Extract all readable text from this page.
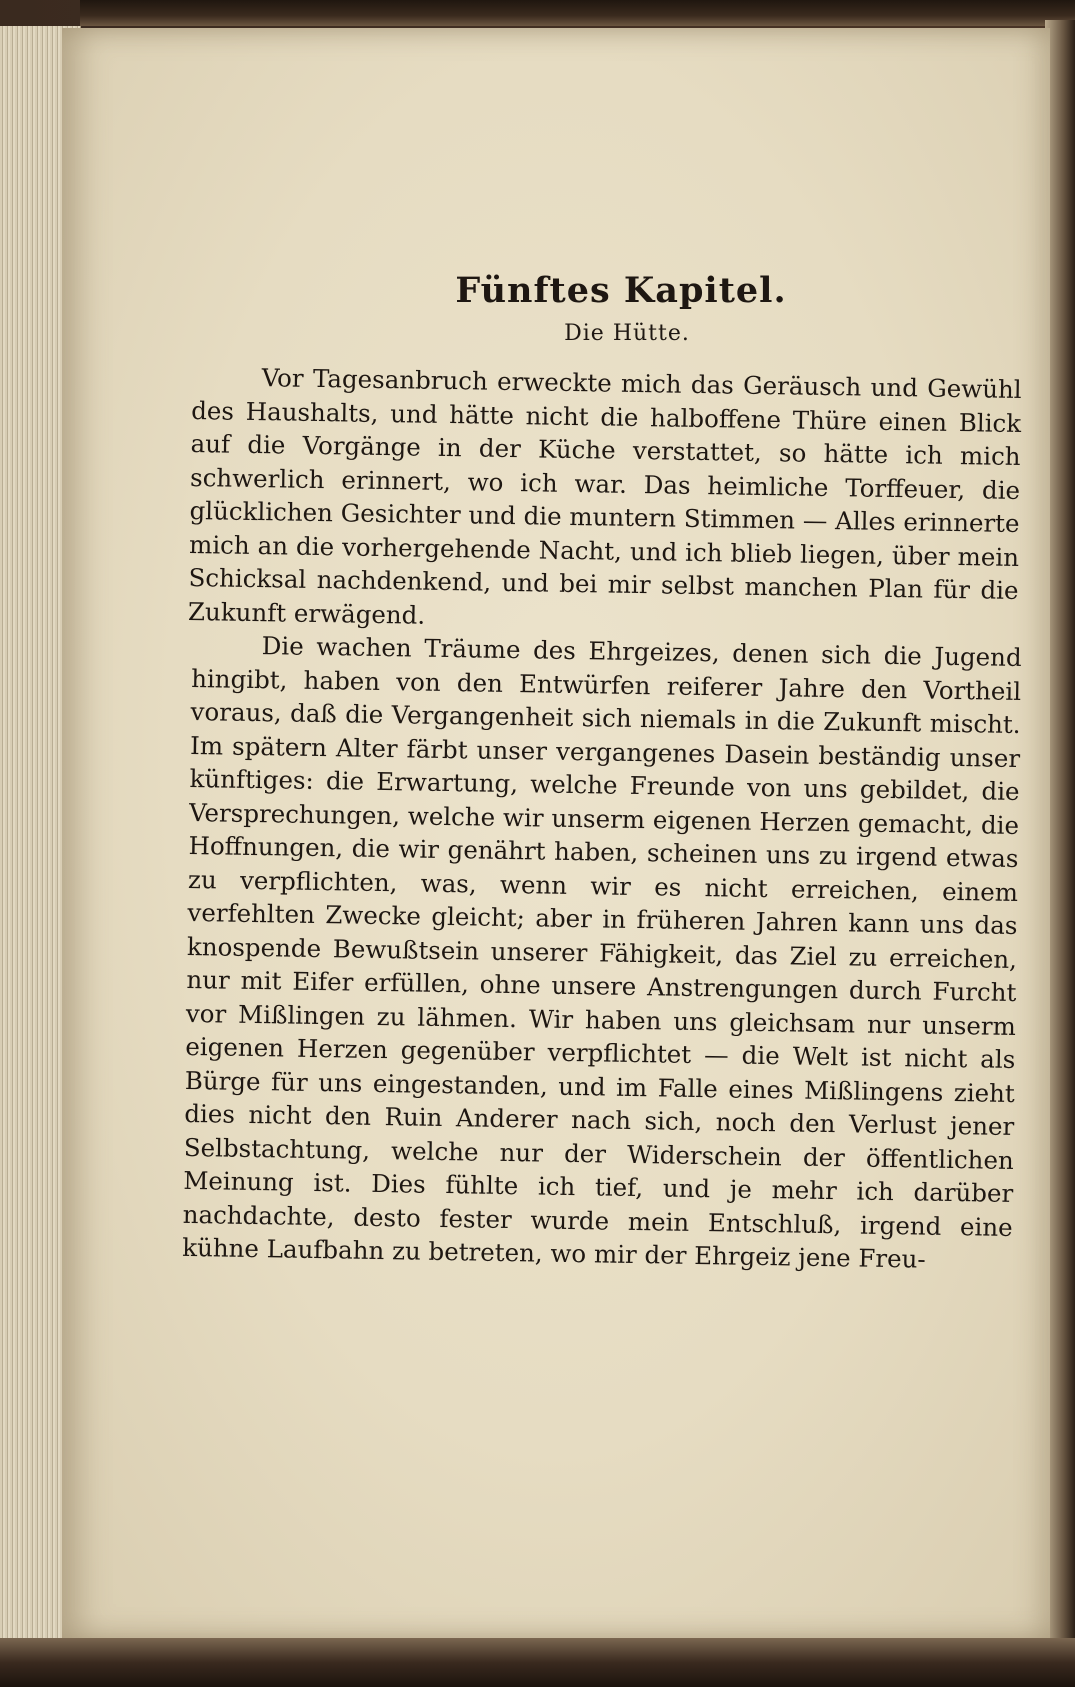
Fünftes Kapitel.
Die Hütte.

Vor Tagesanbruch erweckte mich das Geräusch und Gewühl des Haushalts, und hätte nicht die halboffene Thüre einen Blick auf die Vorgänge in der Küche verstattet, so hätte ich mich schwerlich erinnert, wo ich war. Das heimliche Torffeuer, die glücklichen Gesichter und die muntern Stimmen — Alles erinnerte mich an die vorhergehende Nacht, und ich blieb liegen, über mein Schicksal nachdenkend, und bei mir selbst manchen Plan für die Zukunft erwägend.

Die wachen Träume des Ehrgeizes, denen sich die Jugend hingibt, haben von den Entwürfen reiferer Jahre den Vortheil voraus, daß die Vergangenheit sich niemals in die Zukunft mischt. Im spätern Alter färbt unser vergangenes Dasein beständig unser künftiges: die Erwartung, welche Freunde von uns gebildet, die Versprechungen, welche wir unserm eigenen Herzen gemacht, die Hoffnungen, die wir genährt haben, scheinen uns zu irgend etwas zu verpflichten, was, wenn wir es nicht erreichen, einem verfehlten Zwecke gleicht; aber in früheren Jahren kann uns das knospende Bewußtsein unserer Fähigkeit, das Ziel zu erreichen, nur mit Eifer erfüllen, ohne unsere Anstrengungen durch Furcht vor Mißlingen zu lähmen. Wir haben uns gleichsam nur unserm eigenen Herzen gegenüber verpflichtet — die Welt ist nicht als Bürge für uns eingestanden, und im Falle eines Mißlingens zieht dies nicht den Ruin Anderer nach sich, noch den Verlust jener Selbstachtung, welche nur der Widerschein der öffentlichen Meinung ist. Dies fühlte ich tief, und je mehr ich darüber nachdachte, desto fester wurde mein Entschluß, irgend eine kühne Laufbahn zu betreten, wo mir der Ehrgeiz jene Freu-
